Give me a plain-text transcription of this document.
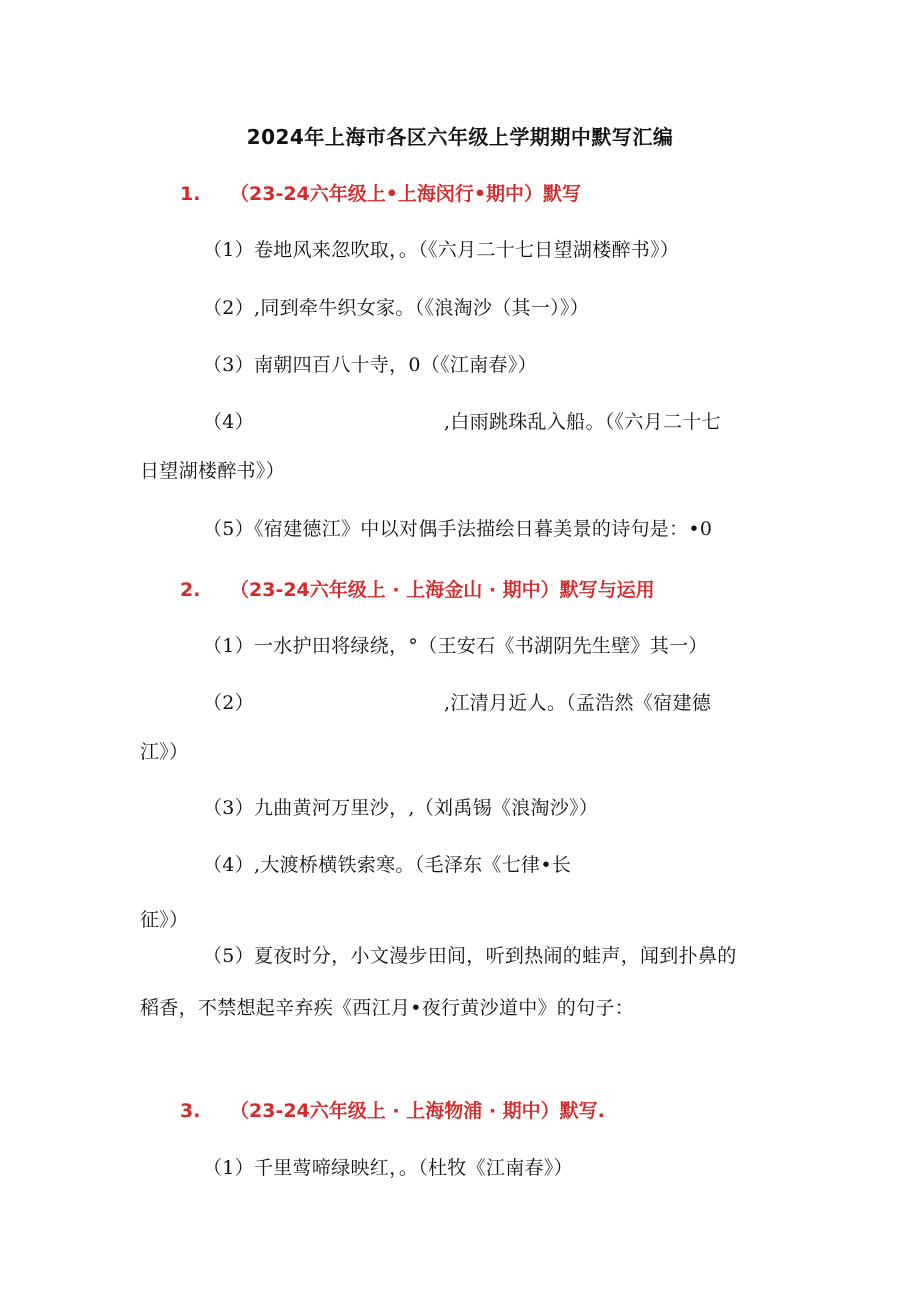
2024年上海市各区六年级上学期期中默写汇编
1. （23-24六年级上•上海闵行•期中）默写
（1）卷地风来忽吹取，。（《六月二十七日望湖楼醉书》）
（2）,同到牵牛织女家。（《浪淘沙（其一）》）
（3）南朝四百八十寺，0（《江南春》）
（4）	,白雨跳珠乱入船。（《六月二十七
日望湖楼醉书》）
（5）《宿建德江》中以对偶手法描绘日暮美景的诗句是：•0
2. （23-24六年级上 · 上海金山 · 期中）默写与运用
（1）一水护田将绿绕，°（王安石《书湖阴先生壁》其一）
（2）	,江清月近人。（孟浩然《宿建德
江》）
（3）九曲黄河万里沙，,（刘禹锡《浪淘沙》）
（4）,大渡桥横铁索寒。（毛泽东《七律•长
征》）
（5）夏夜时分，小文漫步田间，听到热闹的蛙声，闻到扑鼻的
稻香，不禁想起辛弃疾《西江月•夜行黄沙道中》的句子：
3. （23-24六年级上 · 上海物浦 · 期中）默写.
（1）千里莺啼绿映红，。（杜牧《江南春》）
